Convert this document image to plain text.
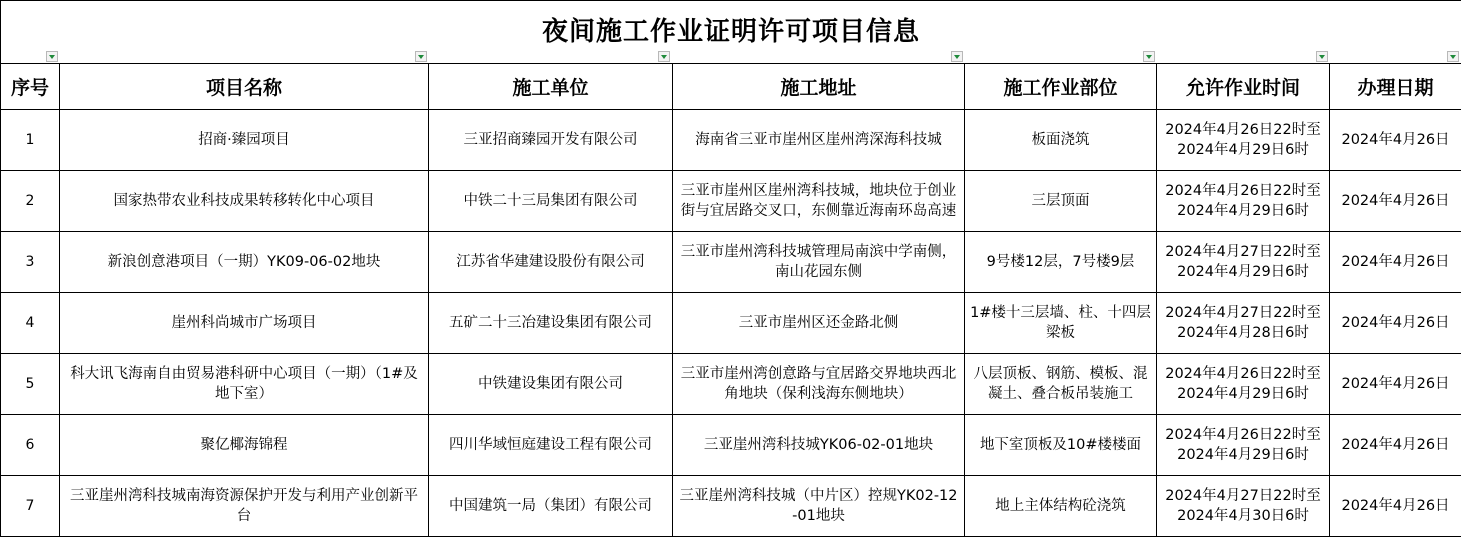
夜间施工作业证明许可项目信息						

序号	项目名称	施工单位	施工地址	施工作业部位	允许作业时间	办理日期
1	招商·臻园项目	三亚招商臻园开发有限公司	海南省三亚市崖州区崖州湾深海科技城	板面浇筑	2024年4月26日22时至2024年4月29日6时	2024年4月26日
2	国家热带农业科技成果转移转化中心项目	中铁二十三局集团有限公司	三亚市崖州区崖州湾科技城，地块位于创业街与宜居路交叉口，东侧靠近海南环岛高速	三层顶面	2024年4月26日22时至2024年4月29日6时	2024年4月26日
3	新浪创意港项目（一期）YK09-06-02地块	江苏省华建建设股份有限公司	三亚市崖州湾科技城管理局南滨中学南侧，南山花园东侧	9号楼12层，7号楼9层	2024年4月27日22时至2024年4月29日6时	2024年4月26日
4	崖州科尚城市广场项目	五矿二十三冶建设集团有限公司	三亚市崖州区还金路北侧	1#楼十三层墙、柱、十四层梁板	2024年4月27日22时至2024年4月28日6时	2024年4月26日
5	科大讯飞海南自由贸易港科研中心项目（一期）（1#及地下室）	中铁建设集团有限公司	三亚市崖州湾创意路与宜居路交界地块西北角地块（保利浅海东侧地块）	八层顶板、钢筋、模板、混凝土、叠合板吊装施工	2024年4月26日22时至2024年4月29日6时	2024年4月26日
6	聚亿椰海锦程	四川华域恒庭建设工程有限公司	三亚崖州湾科技城YK06-02-01地块	地下室顶板及10#楼楼面	2024年4月26日22时至2024年4月29日6时	2024年4月26日
7	三亚崖州湾科技城南海资源保护开发与利用产业创新平台	中国建筑一局（集团）有限公司	三亚崖州湾科技城（中片区）控规YK02-12-01地块	地上主体结构砼浇筑	2024年4月27日22时至2024年4月30日6时	2024年4月26日
